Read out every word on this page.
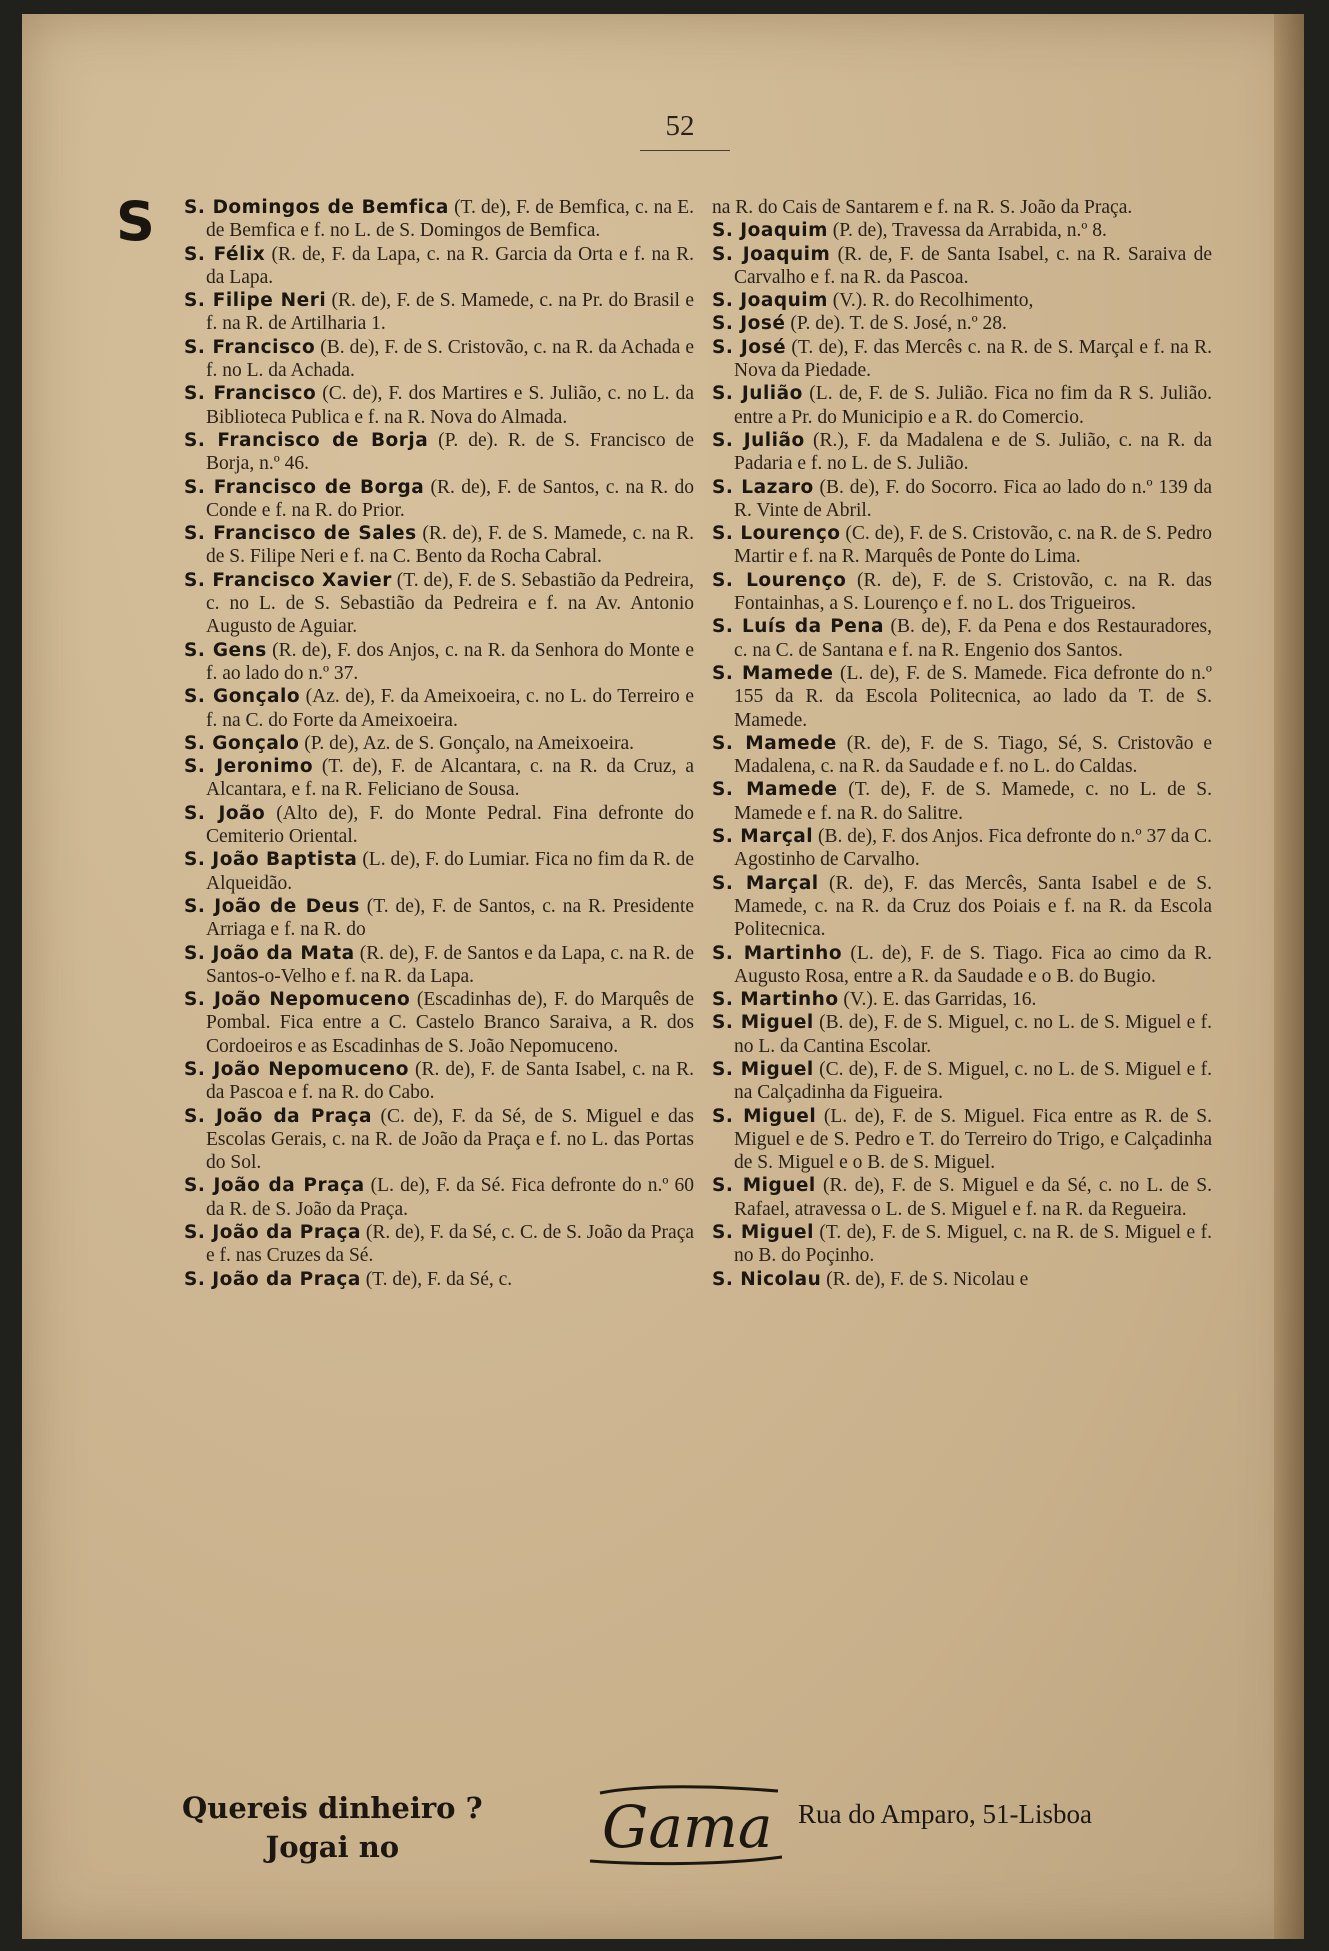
52
S S. Domingos de Bemfica (T. de), F. de Bemfica, c. na E. de Bemfica e f. no L. de S. Domingos de Bemfica.
S. Félix (R. de, F. da Lapa, c. na R. Garcia da Orta e f. na R. da Lapa.
S. Filipe Neri (R. de), F. de S. Mamede, c. na Pr. do Brasil e f. na R. de Artilharia 1.
S. Francisco (B. de), F. de S. Cristovão, c. na R. da Achada e f. no L. da Achada.
S. Francisco (C. de), F. dos Martires e S. Julião, c. no L. da Biblioteca Publica e f. na R. Nova do Almada.
S. Francisco de Borja (P. de). R. de S. Francisco de Borja, n.º 46.
S. Francisco de Borga (R. de), F. de Santos, c. na R. do Conde e f. na R. do Prior.
S. Francisco de Sales (R. de), F. de S. Mamede, c. na R. de S. Filipe Neri e f. na C. Bento da Rocha Cabral.
S. Francisco Xavier (T. de), F. de S. Sebastião da Pedreira, c. no L. de S. Sebastião da Pedreira e f. na Av. Antonio Augusto de Aguiar.
S. Gens (R. de), F. dos Anjos, c. na R. da Senhora do Monte e f. ao lado do n.º 37.
S. Gonçalo (Az. de), F. da Ameixoeira, c. no L. do Terreiro e f. na C. do Forte da Ameixoeira.
S. Gonçalo (P. de), Az. de S. Gonçalo, na Ameixoeira.
S. Jeronimo (T. de), F. de Alcantara, c. na R. da Cruz, a Alcantara, e f. na R. Feliciano de Sousa.
S. João (Alto de), F. do Monte Pedral. Fina defronte do Cemiterio Oriental.
S. João Baptista (L. de), F. do Lumiar. Fica no fim da R. de Alqueidão.
S. João de Deus (T. de), F. de Santos, c. na R. Presidente Arriaga e f. na R. do
S. João da Mata (R. de), F. de Santos e da Lapa, c. na R. de Santos-o-Velho e f. na R. da Lapa.
S. João Nepomuceno (Escadinhas de), F. do Marquês de Pombal. Fica entre a C. Castelo Branco Saraiva, a R. dos Cordoeiros e as Escadinhas de S. João Nepomuceno.
S. João Nepomuceno (R. de), F. de Santa Isabel, c. na R. da Pascoa e f. na R. do Cabo.
S. João da Praça (C. de), F. da Sé, de S. Miguel e das Escolas Gerais, c. na R. de João da Praça e f. no L. das Portas do Sol.
S. João da Praça (L. de), F. da Sé. Fica defronte do n.º 60 da R. de S. João da Praça.
S. João da Praça (R. de), F. da Sé, c. C. de S. João da Praça e f. nas Cruzes da Sé.
S. João da Praça (T. de), F. da Sé, c.
na R. do Cais de Santarem e f. na R. S. João da Praça.
S. Joaquim (P. de), Travessa da Arrabida, n.º 8.
S. Joaquim (R. de, F. de Santa Isabel, c. na R. Saraiva de Carvalho e f. na R. da Pascoa.
S. Joaquim (V.). R. do Recolhimento,
S. José (P. de). T. de S. José, n.º 28.
S. José (T. de), F. das Mercês c. na R. de S. Marçal e f. na R. Nova da Piedade.
S. Julião (L. de, F. de S. Julião. Fica no fim da R S. Julião. entre a Pr. do Municipio e a R. do Comercio.
S. Julião (R.), F. da Madalena e de S. Julião, c. na R. da Padaria e f. no L. de S. Julião.
S. Lazaro (B. de), F. do Socorro. Fica ao lado do n.º 139 da R. Vinte de Abril.
S. Lourenço (C. de), F. de S. Cristovão, c. na R. de S. Pedro Martir e f. na R. Marquês de Ponte do Lima.
S. Lourenço (R. de), F. de S. Cristovão, c. na R. das Fontainhas, a S. Lourenço e f. no L. dos Trigueiros.
S. Luís da Pena (B. de), F. da Pena e dos Restauradores, c. na C. de Santana e f. na R. Engenio dos Santos.
S. Mamede (L. de), F. de S. Mamede. Fica defronte do n.º 155 da R. da Escola Politecnica, ao lado da T. de S. Mamede.
S. Mamede (R. de), F. de S. Tiago, Sé, S. Cristovão e Madalena, c. na R. da Saudade e f. no L. do Caldas.
S. Mamede (T. de), F. de S. Mamede, c. no L. de S. Mamede e f. na R. do Salitre.
S. Marçal (B. de), F. dos Anjos. Fica defronte do n.º 37 da C. Agostinho de Carvalho.
S. Marçal (R. de), F. das Mercês, Santa Isabel e de S. Mamede, c. na R. da Cruz dos Poiais e f. na R. da Escola Politecnica.
S. Martinho (L. de), F. de S. Tiago. Fica ao cimo da R. Augusto Rosa, entre a R. da Saudade e o B. do Bugio.
S. Martinho (V.). E. das Garridas, 16.
S. Miguel (B. de), F. de S. Miguel, c. no L. de S. Miguel e f. no L. da Cantina Escolar.
S. Miguel (C. de), F. de S. Miguel, c. no L. de S. Miguel e f. na Calçadinha da Figueira.
S. Miguel (L. de), F. de S. Miguel. Fica entre as R. de S. Miguel e de S. Pedro e T. do Terreiro do Trigo, e Calçadinha de S. Miguel e o B. de S. Miguel.
S. Miguel (R. de), F. de S. Miguel e da Sé, c. no L. de S. Rafael, atravessa o L. de S. Miguel e f. na R. da Regueira.
S. Miguel (T. de), F. de S. Miguel, c. na R. de S. Miguel e f. no B. do Poçinho.
S. Nicolau (R. de), F. de S. Nicolau e
Quereis dinheiro ?
Jogai no	Gama Rua do Amparo, 51-Lisboa
